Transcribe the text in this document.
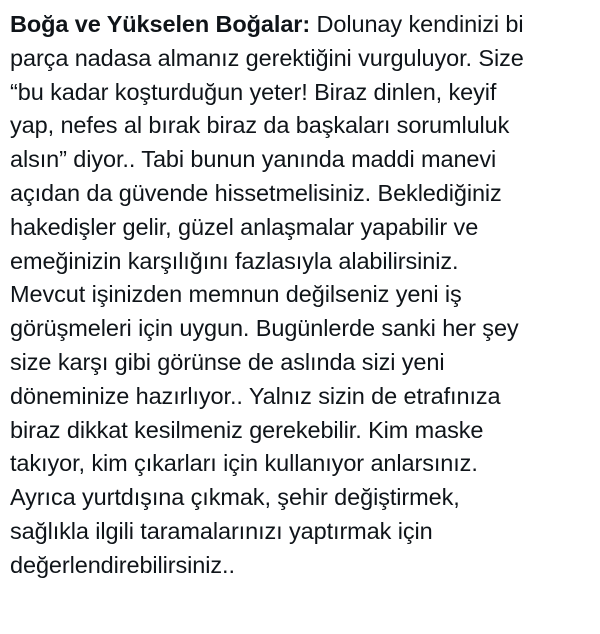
Boğa ve Yükselen Boğalar: Dolunay kendinizi bi
parça nadasa almanız gerektiğini vurguluyor. Size
“bu kadar koşturduğun yeter! Biraz dinlen, keyif
yap, nefes al bırak biraz da başkaları sorumluluk
alsın” diyor.. Tabi bunun yanında maddi manevi
açıdan da güvende hissetmelisiniz. Beklediğiniz
hakedişler gelir, güzel anlaşmalar yapabilir ve
emeğinizin karşılığını fazlasıyla alabilirsiniz.
Mevcut işinizden memnun değilseniz yeni iş
görüşmeleri için uygun. Bugünlerde sanki her şey
size karşı gibi görünse de aslında sizi yeni
döneminize hazırlıyor.. Yalnız sizin de etrafınıza
biraz dikkat kesilmeniz gerekebilir. Kim maske
takıyor, kim çıkarları için kullanıyor anlarsınız.
Ayrıca yurtdışına çıkmak, şehir değiştirmek,
sağlıkla ilgili taramalarınızı yaptırmak için
değerlendirebilirsiniz..
